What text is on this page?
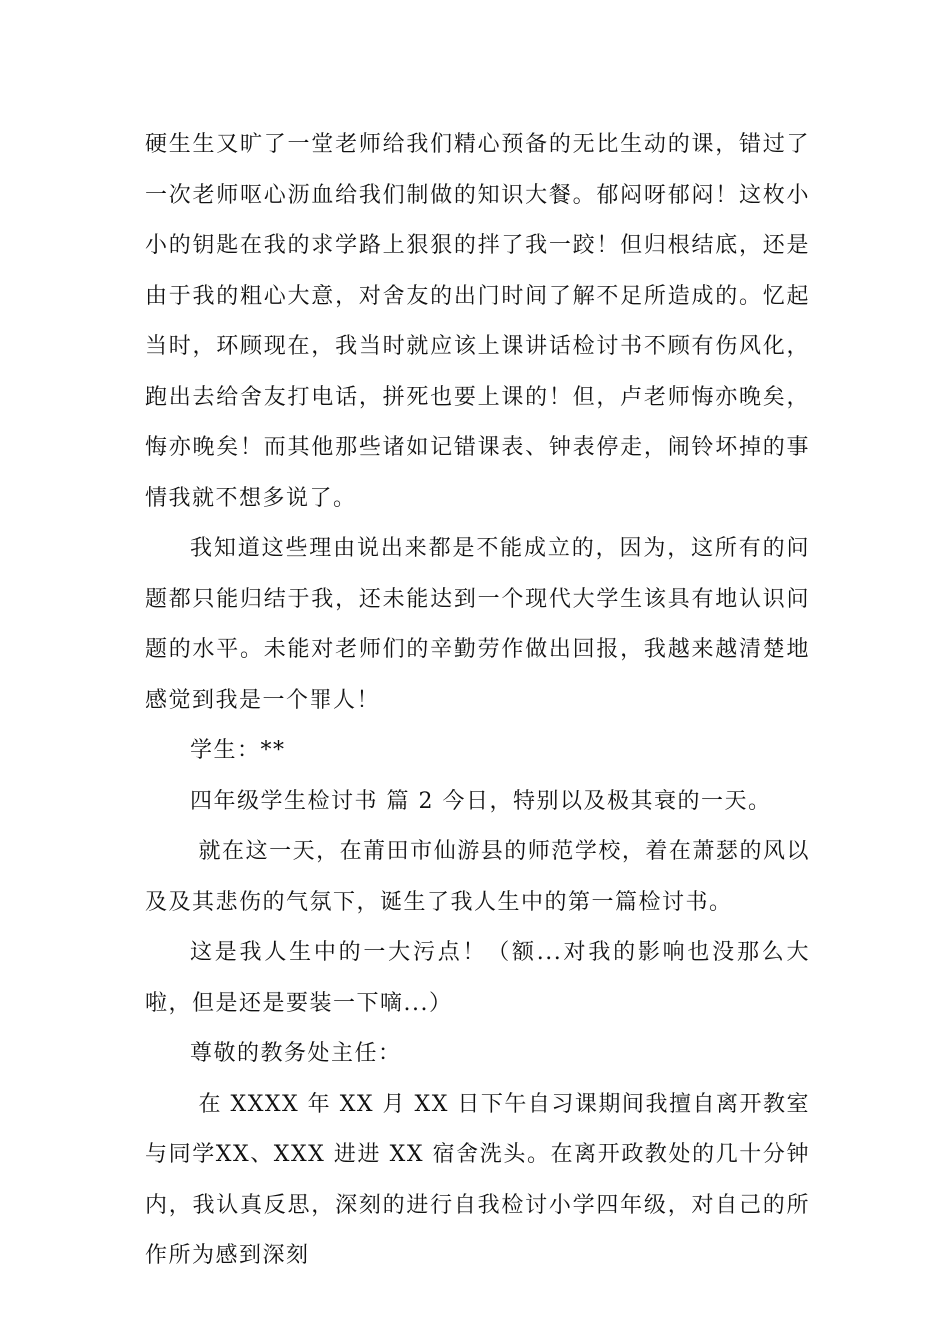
硬生生又旷了一堂老师给我们精心预备的无比生动的课，错过了一次老师呕心沥血给我们制做的知识大餐。郁闷呀郁闷！这枚小小的钥匙在我的求学路上狠狠的拌了我一跤！但归根结底，还是由于我的粗心大意，对舍友的出门时间了解不足所造成的。忆起当时，环顾现在，我当时就应该上课讲话检讨书不顾有伤风化，跑出去给舍友打电话，拼死也要上课的！但，卢老师悔亦晚矣，悔亦晚矣！而其他那些诸如记错课表、钟表停走，闹铃坏掉的事情我就不想多说了。

我知道这些理由说出来都是不能成立的，因为，这所有的问题都只能归结于我，还未能达到一个现代大学生该具有地认识问题的水平。未能对老师们的辛勤劳作做出回报，我越来越清楚地感觉到我是一个罪人！

学生：**

四年级学生检讨书 篇 2 今日，特别以及极其衰的一天。

就在这一天，在莆田市仙游县的师范学校，着在萧瑟的风以及及其悲伤的气氛下，诞生了我人生中的第一篇检讨书。

这是我人生中的一大污点！（额...对我的影响也没那么大啦，但是还是要装一下嘀...）

尊敬的教务处主任：

在 XXXX 年 XX 月 XX 日下午自习课期间我擅自离开教室与同学XX、XXX 进进 XX 宿舍洗头。在离开政教处的几十分钟内，我认真反思，深刻的进行自我检讨小学四年级，对自己的所作所为感到深刻
